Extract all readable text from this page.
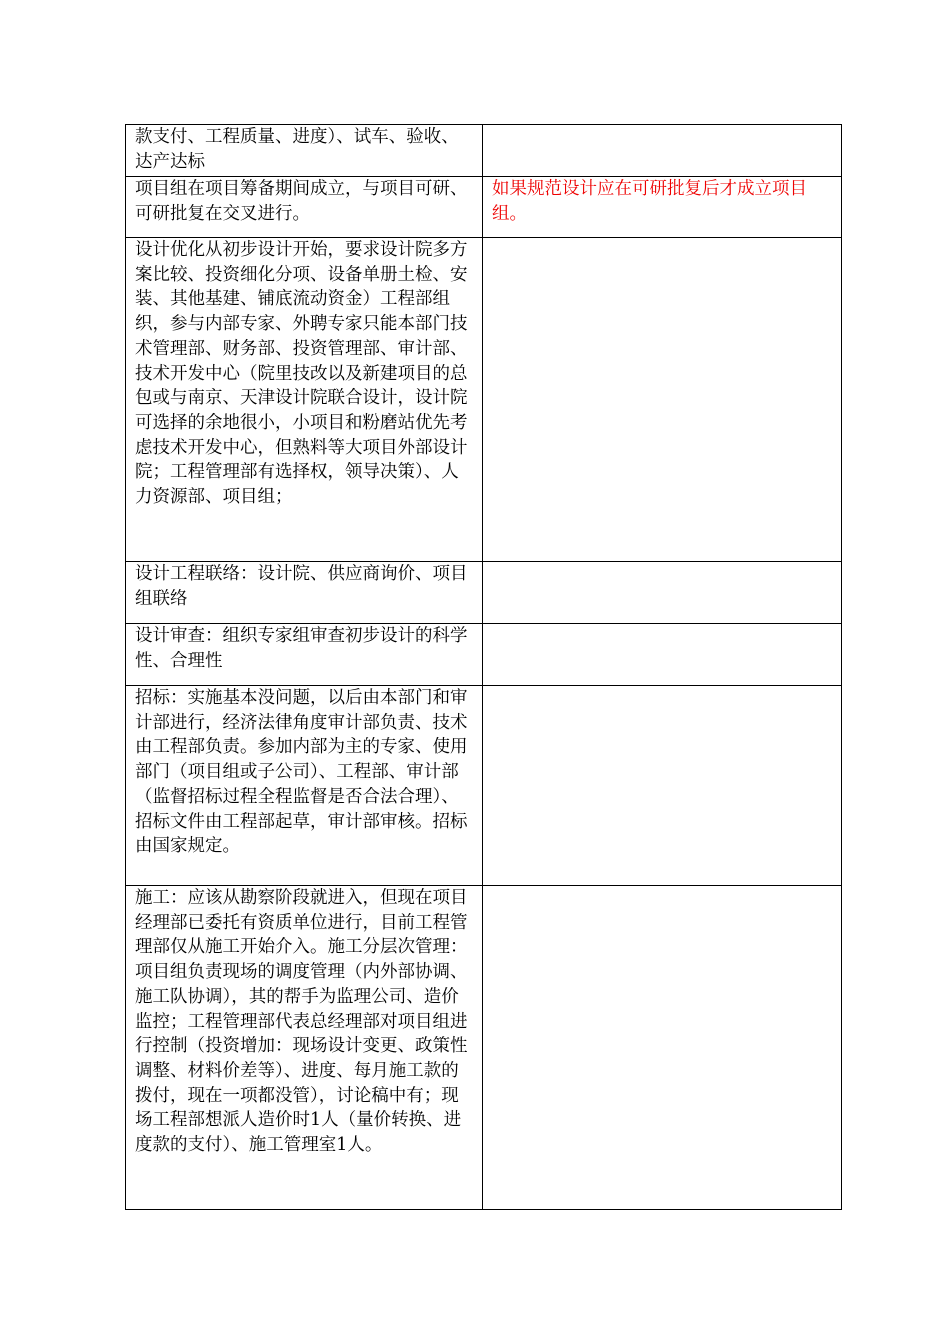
款支付、工程质量、进度）、试车、验收、达产达标	
项目组在项目筹备期间成立，与项目可研、可研批复在交叉进行。	如果规范设计应在可研批复后才成立项目组。
设计优化从初步设计开始，要求设计院多方案比较、投资细化分项、设备单册土检、安装、其他基建、铺底流动资金）工程部组织，参与内部专家、外聘专家只能本部门技术管理部、财务部、投资管理部、审计部、技术开发中心（院里技改以及新建项目的总包或与南京、天津设计院联合设计，设计院可选择的余地很小，小项目和粉磨站优先考虑技术开发中心，但熟料等大项目外部设计院；工程管理部有选择权，领导决策）、人力资源部、项目组；	
设计工程联络：设计院、供应商询价、项目组联络	
设计审查：组织专家组审查初步设计的科学性、合理性	
招标：实施基本没问题，以后由本部门和审计部进行，经济法律角度审计部负责、技术由工程部负责。参加内部为主的专家、使用部门（项目组或子公司）、工程部、审计部（监督招标过程全程监督是否合法合理）、招标文件由工程部起草，审计部审核。招标由国家规定。	
施工：应该从勘察阶段就进入，但现在项目经理部已委托有资质单位进行，目前工程管理部仅从施工开始介入。施工分层次管理：项目组负责现场的调度管理（内外部协调、施工队协调），其的帮手为监理公司、造价监控；工程管理部代表总经理部对项目组进行控制（投资增加：现场设计变更、政策性调整、材料价差等）、进度、每月施工款的拨付，现在一项都没管），讨论稿中有；现场工程部想派人造价时1人（量价转换、进度款的支付）、施工管理室1人。	
